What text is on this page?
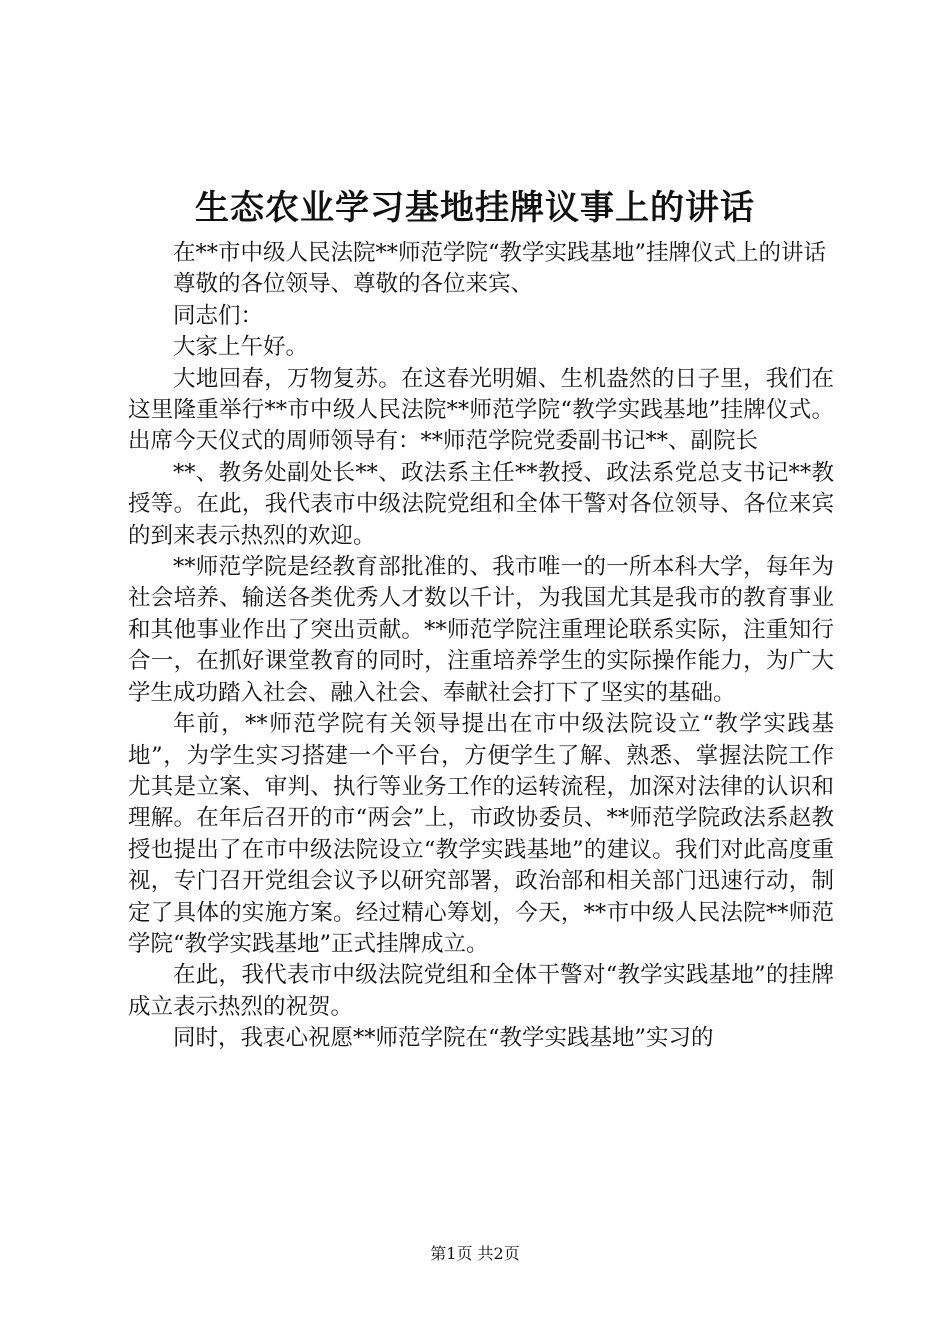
生态农业学习基地挂牌议事上的讲话

在**市中级人民法院**师范学院“教学实践基地”挂牌仪式上的讲话

尊敬的各位领导、尊敬的各位来宾、

同志们：

大家上午好。

大地回春，万物复苏。在这春光明媚、生机盎然的日子里，我们在这里隆重举行**市中级人民法院**师范学院“教学实践基地”挂牌仪式。出席今天仪式的周师领导有：**师范学院党委副书记**、副院长

**、教务处副处长**、政法系主任**教授、政法系党总支书记**教授等。在此，我代表市中级法院党组和全体干警对各位领导、各位来宾的到来表示热烈的欢迎。

**师范学院是经教育部批准的、我市唯一的一所本科大学，每年为社会培养、输送各类优秀人才数以千计，为我国尤其是我市的教育事业和其他事业作出了突出贡献。**师范学院注重理论联系实际，注重知行合一，在抓好课堂教育的同时，注重培养学生的实际操作能力，为广大学生成功踏入社会、融入社会、奉献社会打下了坚实的基础。

年前，**师范学院有关领导提出在市中级法院设立“教学实践基地”，为学生实习搭建一个平台，方便学生了解、熟悉、掌握法院工作尤其是立案、审判、执行等业务工作的运转流程，加深对法律的认识和理解。在年后召开的市“两会”上，市政协委员、**师范学院政法系赵教授也提出了在市中级法院设立“教学实践基地”的建议。我们对此高度重视，专门召开党组会议予以研究部署，政治部和相关部门迅速行动，制定了具体的实施方案。经过精心筹划，今天，**市中级人民法院**师范学院“教学实践基地”正式挂牌成立。

在此，我代表市中级法院党组和全体干警对“教学实践基地”的挂牌成立表示热烈的祝贺。

同时，我衷心祝愿**师范学院在“教学实践基地”实习的

第1页 共2页
